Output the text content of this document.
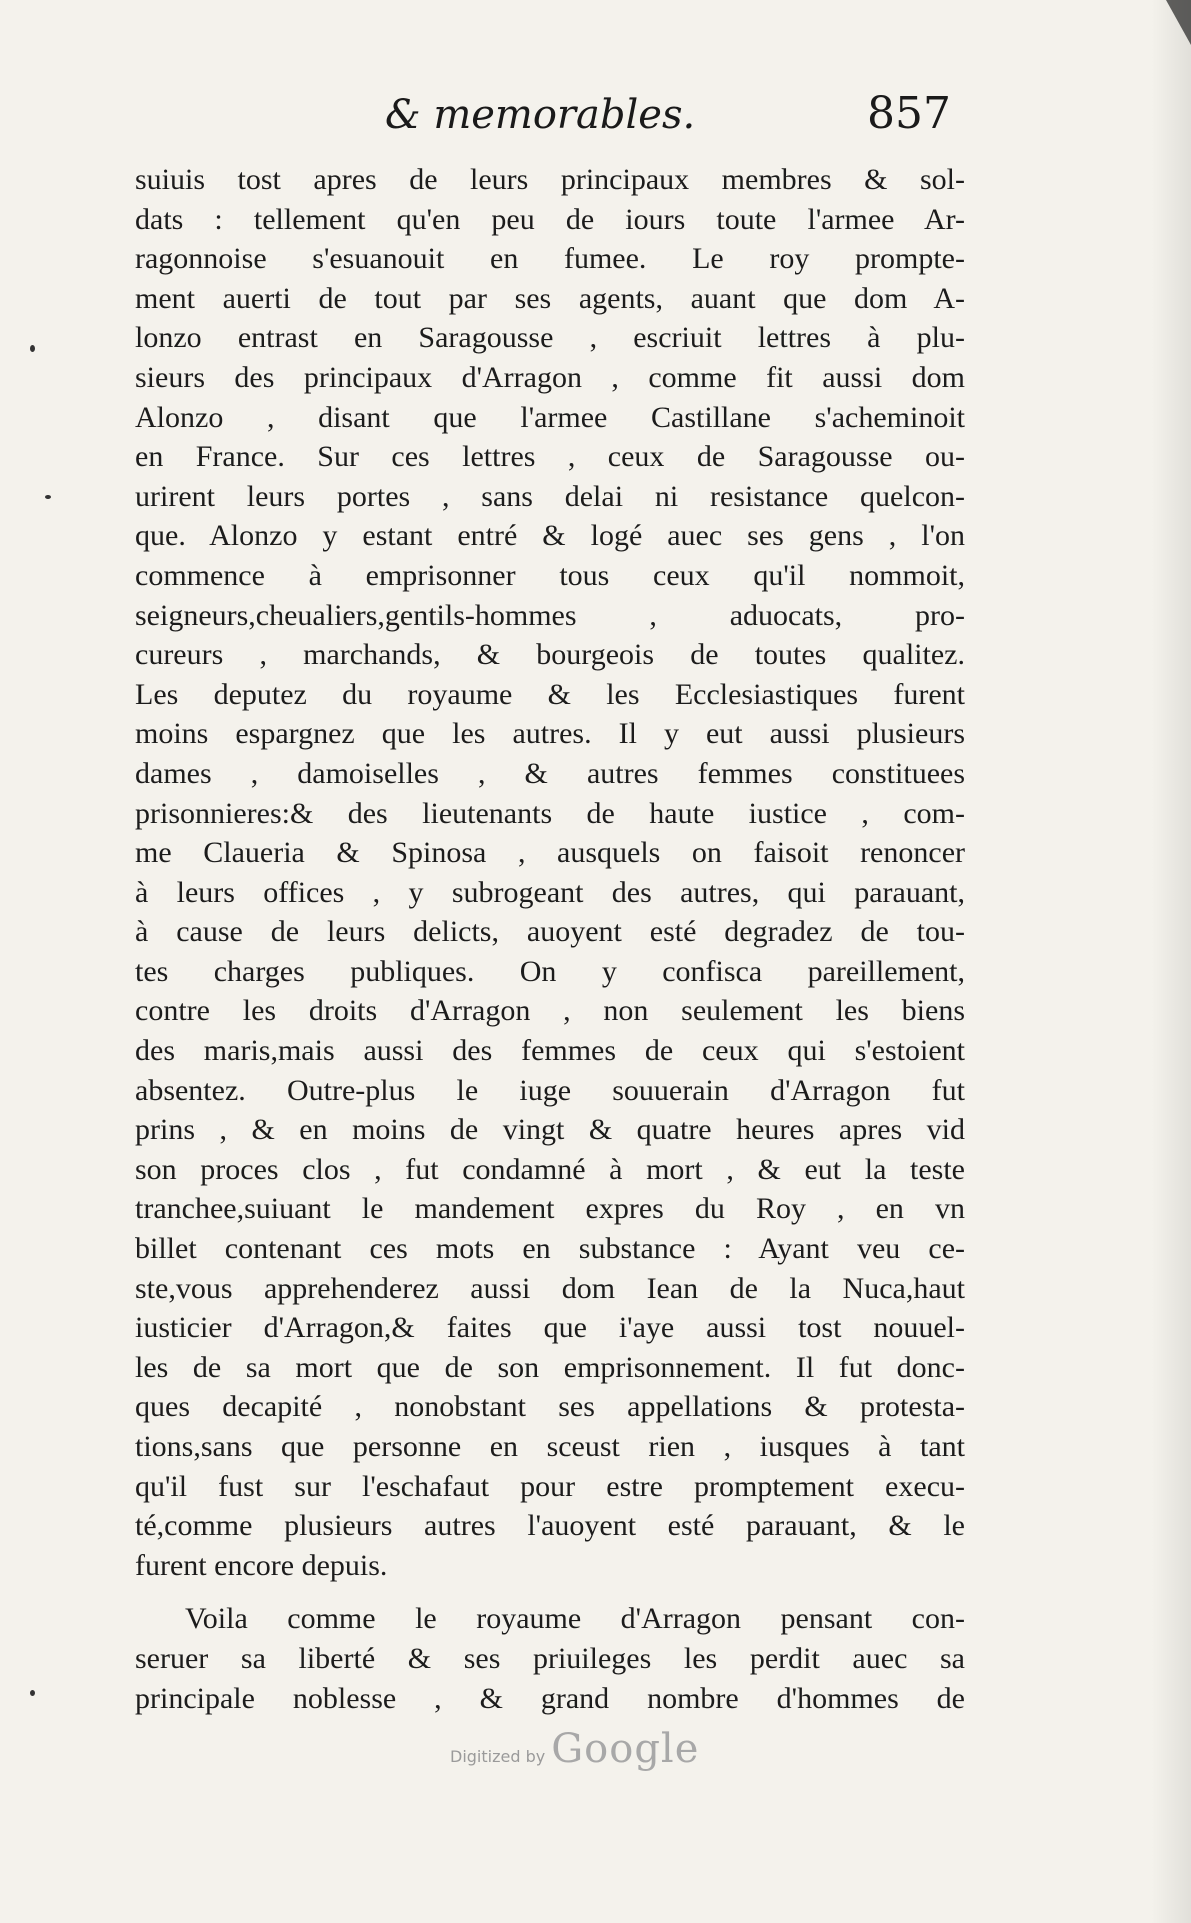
& memorables.	857
suiuis tost apres de leurs principaux membres & sol-
dats : tellement qu'en peu de iours toute l'armee Ar-
ragonnoise s'esuanouit en fumee. Le roy prompte-
ment auerti de tout par ses agents, auant que dom A-
lonzo entrast en Saragousse , escriuit lettres à plu-
sieurs des principaux d'Arragon , comme fit aussi dom
Alonzo , disant que l'armee Castillane s'acheminoit
en France. Sur ces lettres , ceux de Saragousse ou-
urirent leurs portes , sans delai ni resistance quelcon-
que. Alonzo y estant entré & logé auec ses gens , l'on
commence à emprisonner tous ceux qu'il nommoit,
seigneurs,cheualiers,gentils-hommes , aduocats, pro-
cureurs , marchands, & bourgeois de toutes qualitez.
Les deputez du royaume & les Ecclesiastiques furent
moins espargnez que les autres. Il y eut aussi plusieurs
dames , damoiselles , & autres femmes constituees
prisonnieres:& des lieutenants de haute iustice , com-
me Claueria & Spinosa , ausquels on faisoit renoncer
à leurs offices , y subrogeant des autres, qui parauant,
à cause de leurs delicts, auoyent esté degradez de tou-
tes charges publiques. On y confisca pareillement,
contre les droits d'Arragon , non seulement les biens
des maris,mais aussi des femmes de ceux qui s'estoient
absentez. Outre-plus le iuge souuerain d'Arragon fut
prins , & en moins de vingt & quatre heures apres vid
son proces clos , fut condamné à mort , & eut la teste
tranchee,suiuant le mandement expres du Roy , en vn
billet contenant ces mots en substance : Ayant veu ce-
ste,vous apprehenderez aussi dom Iean de la Nuca,haut
iusticier d'Arragon,& faites que i'aye aussi tost nouuel-
les de sa mort que de son emprisonnement. Il fut donc-
ques decapité , nonobstant ses appellations & protesta-
tions,sans que personne en sceust rien , iusques à tant
qu'il fust sur l'eschafaut pour estre promptement execu-
té,comme plusieurs autres l'auoyent esté parauant, & le
furent encore depuis.
Voila comme le royaume d'Arragon pensant con-
seruer sa liberté & ses priuileges les perdit auec sa
principale noblesse , & grand nombre d'hommes de
Digitized by Google
